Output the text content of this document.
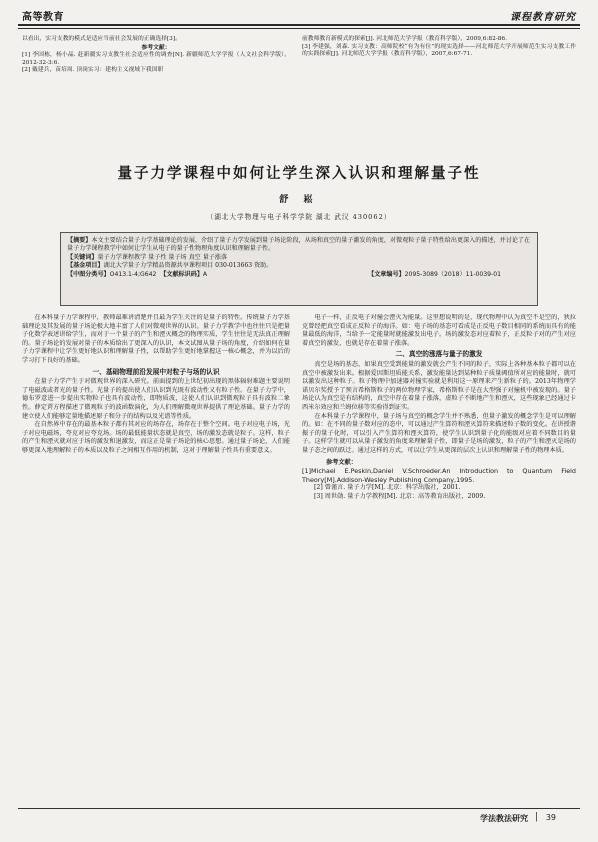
高等教育	课程教育研究

以看出，实习支教的模式是适应当前社会发展的正确选择[3]。

参考文献：

[1] 李国栋，杨小晶. 赶新疆实习支教生社会适应性的调查[N]. 新疆师范大学学报（人文社会科学版），2012-32-3:6.

[2] 戴建兵，苗培周. 顶岗实习：建构主义视域下我国职

前教师教育新模式的探索[J]. 河北师范大学学报（教育科学版），2009,6:82-86.

[3] 李建强，刘森. 实习支教：高师院校“有为有位”的现实选择——河北师范大学开展师范生实习支教工作的实践探索[J]. 河北师范大学学报（教育科学版），2007,6:67-71.

量子力学课程中如何让学生深入认识和理解量子性
舒 崧
（湖北大学物理与电子科学学院 湖北 武汉 430062）
【摘要】本文主要结合量子力学基础理论的发展，介绍了量子力学发展到量子场论阶段，从场和真空的量子激发的角度，对微观粒子量子特性给出更深入的描述，并讨论了在量子力学课程教学中如何让学生从电子的量子性物理角度认识和理解量子性。
【关键词】量子力学课程教学 量子性 量子场 真空 量子涨落
【基金项目】湖北大学量子力学精品资源共享课程项目 030-013663 资助。
【中图分类号】O413.1-4;G642 【文献标识码】A	【文章编号】2095-3089（2018）11-0039-01

在本科量子力学课程中，教师最难讲清楚并且最为学生关注的是量子的特性。传统量子力学基础理论及其发展的量子场论极大地丰富了人们对微观世界的认识。量子力学教学中也往往只是把量子化数学表述讲给学生，而对于一个量子的产生和湮灭概念的物理实质，学生往往是无法真正理解的。量子场论的发展对量子的本质给出了更深入的认识，本文试图从量子场的角度，介绍如何在量子力学课程中让学生更好地认识和理解量子性，以帮助学生更好地掌握这一核心概念，并为以后的学习打下良好的基础。

一、基础物理前沿发展中对粒子与场的认识

在量子力学产生于对微观世界的深入研究。前面提到的上世纪初出现的黑体辐射难题主要说明了电磁波或者光的量子性。光量子的提出使人们认识到光既有波动性又有粒子性。在量子力学中，德布罗意进一步提出实物粒子也具有波动性，即物质波，这使人们认识到微观粒子具有波粒二象性。薛定谔方程描述了微观粒子的波函数演化，为人们理解微观世界提供了理论基础。量子力学的建立使人们能够定量地描述原子和分子的结构以及光谱等性质。

在自然界中存在的最基本粒子都有其对应的场存在，场存在于整个空间。电子对应电子场，光子对应电磁场，夸克对应夸克场。场的最低能量状态就是真空，场的激发态就是粒子。这样，粒子的产生和湮灭就对应于场的激发和退激发，而这正是量子场论的核心思想。通过量子场论，人们能够更深入地理解粒子的本质以及粒子之间相互作用的机制，这对于理解量子性具有重要意义。

电子一样，正反电子对撞会湮灭为能量。这里想说明的是，现代物理中认为真空不是空的，狄拉克曾经把真空看成正反粒子的海洋。如：电子场的基态可看成是正反电子数目相同的系统而具有的能量最低的海洋，当给予一定能量时就能激发出电子。场的激发态对应着粒子，正反粒子对的产生对应着真空的激发，也就是存在着量子涨落。

二、真空的涨落与量子的激发

真空是场的基态，如果真空受到能量的激发就会产生不同的粒子，实际上各种基本粒子都可以在真空中被激发出来。根据爱因斯坦质能关系，激发能量达到某种粒子质量阈值所对应的能量时，就可以激发出这种粒子。粒子物理中加速器对撞实验就是利用这一原理来产生新粒子的。2013年物理学诺贝尔奖授予了预言希格斯粒子的两位物理学家，希格斯粒子是在大型强子对撞机中被发现的。量子场论认为真空是有结构的，真空中存在着量子涨落，虚粒子不断地产生和湮灭，这些现象已经通过卡西米尔效应和兰姆位移等实验得到证实。

在本科量子力学课程中，量子场与真空的概念学生并不熟悉，但量子激发的概念学生是可以理解的。如：在不同的量子数对应的态中，可以通过产生算符和湮灭算符来描述粒子数的变化。在讲授谐振子的量子化时，可以引入产生算符和湮灭算符，使学生认识到量子化的能级对应着不同数目的量子。这样学生就可以从量子激发的角度来理解量子性，即量子是场的激发，粒子的产生和湮灭是场的量子态之间的跃迁。通过这样的方式，可以让学生从更深的层次上认识和理解量子性的物理本质。

参考文献：

[1]Michael E.Peskin,Daniel V.Schroeder.An Introduction to Quantum Field Theory[M].Addison-Wesley Publishing Company,1995.

[2] 曾谨言. 量子力学[M]. 北京：科学出版社，2001.

[3] 周世勋. 量子力学教程[M]. 北京：高等教育出版社，2009.

学法教法研究 | 39
